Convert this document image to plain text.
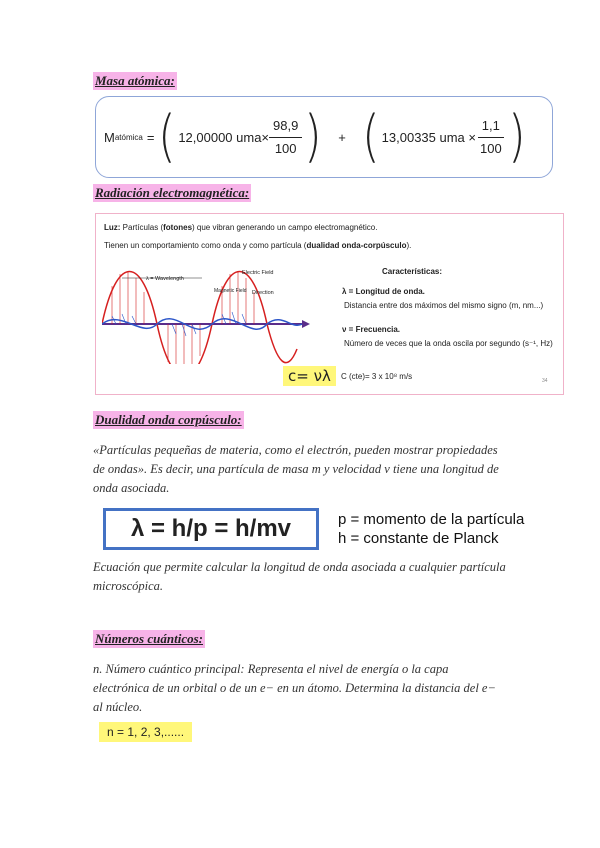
Masa atómica:
M atómica = ( 12,00000 $uma\times \frac{98,9}{100}$ ) + ( 13,00335 uma × $\frac{1,1}{100}$ )
Radiación electromagnética:
Luz: Partículas (fotones) que vibran generando un campo electromagnético.
Tienen un comportamiento como onda y como partícula (dualidad onda-corpúsculo).
λ = Wavelength
Electric Field
Magnetic Field Direction
Características:
λ = Longitud de onda.
Distancia entre dos máximos del mismo signo (m, nm...)
ν = Frecuencia.
Número de veces que la onda oscila por segundo (s⁻¹, Hz)
c= νλ	C (cte)= 3 x 10⁸ m/s	34
Dualidad onda corpúsculo:
«Partículas pequeñas de materia, como el electrón, pueden mostrar propiedades
de ondas». Es decir, una partícula de masa m y velocidad v tiene una longitud de
onda asociada.
λ = h/p = h/mv	p = momento de la partícula
h = constante de Planck
Ecuación que permite calcular la longitud de onda asociada a cualquier partícula
microscópica.
Números cuánticos:
n. Número cuántico principal: Representa el nivel de energía o la capa
electrónica de un orbital o de un e− en un átomo. Determina la distancia del e−
al núcleo.
n = 1, 2, 3,......
